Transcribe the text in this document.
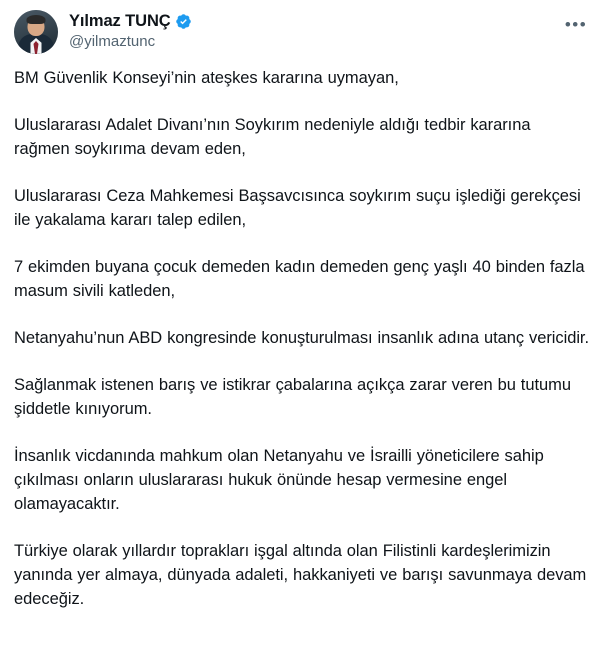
Yılmaz TUNÇ
@yilmaztunc
•••

BM Güvenlik Konseyi’nin ateşkes kararına uymayan,

Uluslararası Adalet Divanı’nın Soykırım nedeniyle aldığı tedbir kararına rağmen soykırıma devam eden,

Uluslararası Ceza Mahkemesi Başsavcısınca soykırım suçu işlediği gerekçesi ile yakalama kararı talep edilen,

7 ekimden buyana çocuk demeden kadın demeden genç yaşlı 40 binden fazla masum sivili katleden,

Netanyahu’nun ABD kongresinde konuşturulması insanlık adına utanç vericidir.

Sağlanmak istenen barış ve istikrar çabalarına açıkça zarar veren bu tutumu şiddetle kınıyorum.

İnsanlık vicdanında mahkum olan Netanyahu ve İsrailli yöneticilere sahip çıkılması onların uluslararası hukuk önünde hesap vermesine engel olamayacaktır.

Türkiye olarak yıllardır toprakları işgal altında olan Filistinli kardeşlerimizin yanında yer almaya, dünyada adaleti, hakkaniyeti ve barışı savunmaya devam edeceğiz.
